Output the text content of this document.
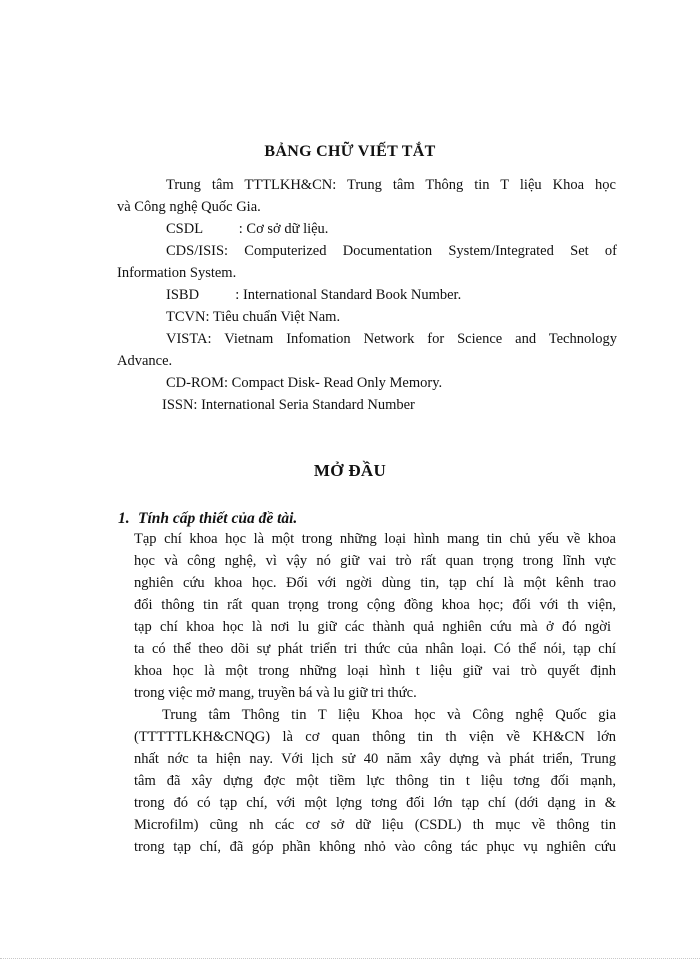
BẢNG CHỮ VIẾT TẮT
Trung tâm TTTLKH&CN: Trung tâm Thông tin T liệu Khoa học
và Công nghệ Quốc Gia.
CSDL          : Cơ sở dữ liệu.
CDS/ISIS: Computerized Documentation System/Integrated Set of
Information System.
ISBD          : International Standard Book Number.
TCVN: Tiêu chuẩn Việt Nam.
VISTA: Vietnam Infomation Network for Science and Technology
Advance.
CD-ROM: Compact Disk- Read Only Memory.
ISSN: International Seria Standard Number
MỞ ĐẦU
1. Tính cấp thiết của đề tài.
Tạp chí khoa học là một trong những loại hình mang tin chủ yếu về khoa
học và công nghệ, vì vậy nó giữ vai trò rất quan trọng trong lĩnh vực
nghiên cứu khoa học. Đối với ngời dùng tin, tạp chí là một kênh trao
đổi thông tin rất quan trọng trong cộng đồng khoa học; đối với th viện,
tạp chí khoa học là nơi lu giữ các thành quả nghiên cứu mà ở đó ngời
ta có thể theo dõi sự phát triển tri thức của nhân loại. Có thể nói, tạp chí
khoa học là một trong những loại hình t liệu giữ vai trò quyết định
trong việc mở mang, truyền bá và lu giữ tri thức.
Trung tâm Thông tin T liệu Khoa học và Công nghệ Quốc gia
(TTTTTLKH&CNQG) là cơ quan thông tin th viện về KH&CN lớn
nhất nớc ta hiện nay. Với lịch sử 40 năm xây dựng và phát triển, Trung
tâm đã xây dựng đợc một tiềm lực thông tin t liệu tơng đối mạnh,
trong đó có tạp chí, với một lợng tơng đối lớn tạp chí (dới dạng in &
Microfilm) cũng nh các cơ sở dữ liệu (CSDL) th mục về thông tin
trong tạp chí, đã góp phần không nhỏ vào công tác phục vụ nghiên cứu
